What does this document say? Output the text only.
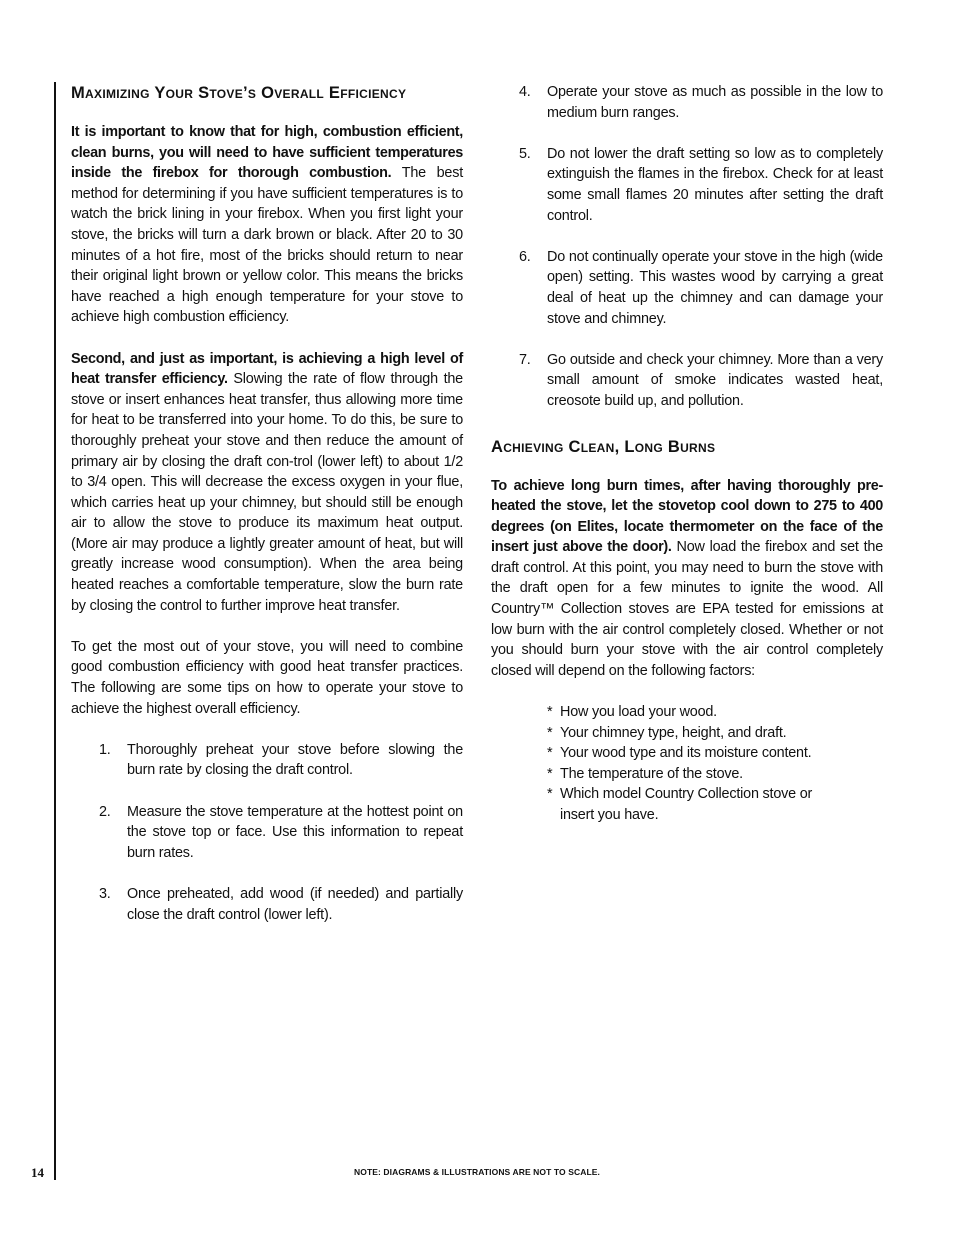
Maximizing Your Stove’s Overall Efficiency

It is important to know that for high, combustion efficient, clean burns, you will need to have sufficient temperatures inside the firebox for thorough combustion. The best method for determining if you have sufficient temperatures is to watch the brick lining in your firebox. When you first light your stove, the bricks will turn a dark brown or black. After 20 to 30 minutes of a hot fire, most of the bricks should return to near their original light brown or yellow color. This means the bricks have reached a high enough temperature for your stove to achieve high combustion efficiency.

Second, and just as important, is achieving a high level of heat transfer efficiency. Slowing the rate of flow through the stove or insert enhances heat transfer, thus allowing more time for heat to be transferred into your home. To do this, be sure to thoroughly preheat your stove and then reduce the amount of primary air by closing the draft con-trol (lower left) to about 1/2 to 3/4 open. This will decrease the excess oxygen in your flue, which carries heat up your chimney, but should still be enough air to allow the stove to produce its maximum heat output. (More air may produce a lightly greater amount of heat, but will greatly increase wood consumption). When the area being heated reaches a comfortable temperature, slow the burn rate by closing the control to further improve heat transfer.

To get the most out of your stove, you will need to combine good combustion efficiency with good heat transfer practices. The following are some tips on how to operate your stove to achieve the highest overall efficiency.

1. Thoroughly preheat your stove before slowing the burn rate by closing the draft control.
2. Measure the stove temperature at the hottest point on the stove top or face. Use this information to repeat burn rates.
3. Once preheated, add wood (if needed) and partially close the draft control (lower left).
4. Operate your stove as much as possible in the low to medium burn ranges.
5. Do not lower the draft setting so low as to completely extinguish the flames in the firebox. Check for at least some small flames 20 minutes after setting the draft control.
6. Do not continually operate your stove in the high (wide open) setting. This wastes wood by carrying a great deal of heat up the chimney and can damage your stove and chimney.
7. Go outside and check your chimney. More than a very small amount of smoke indicates wasted heat, creosote build up, and pollution.
Achieving Clean, Long Burns

To achieve long burn times, after having thoroughly pre-heated the stove, let the stovetop cool down to 275 to 400 degrees (on Elites, locate thermometer on the face of the insert just above the door). Now load the firebox and set the draft control. At this point, you may need to burn the stove with the draft open for a few minutes to ignite the wood. All Country™ Collection stoves are EPA tested for emissions at low burn with the air control completely closed. Whether or not you should burn your stove with the air control completely closed will depend on the following factors:

* How you load your wood.
* Your chimney type, height, and draft.
* Your wood type and its moisture content.
* The temperature of the stove.
* Which model Country Collection stove or insert you have.
14	NOTE: DIAGRAMS & ILLUSTRATIONS ARE NOT TO SCALE.
